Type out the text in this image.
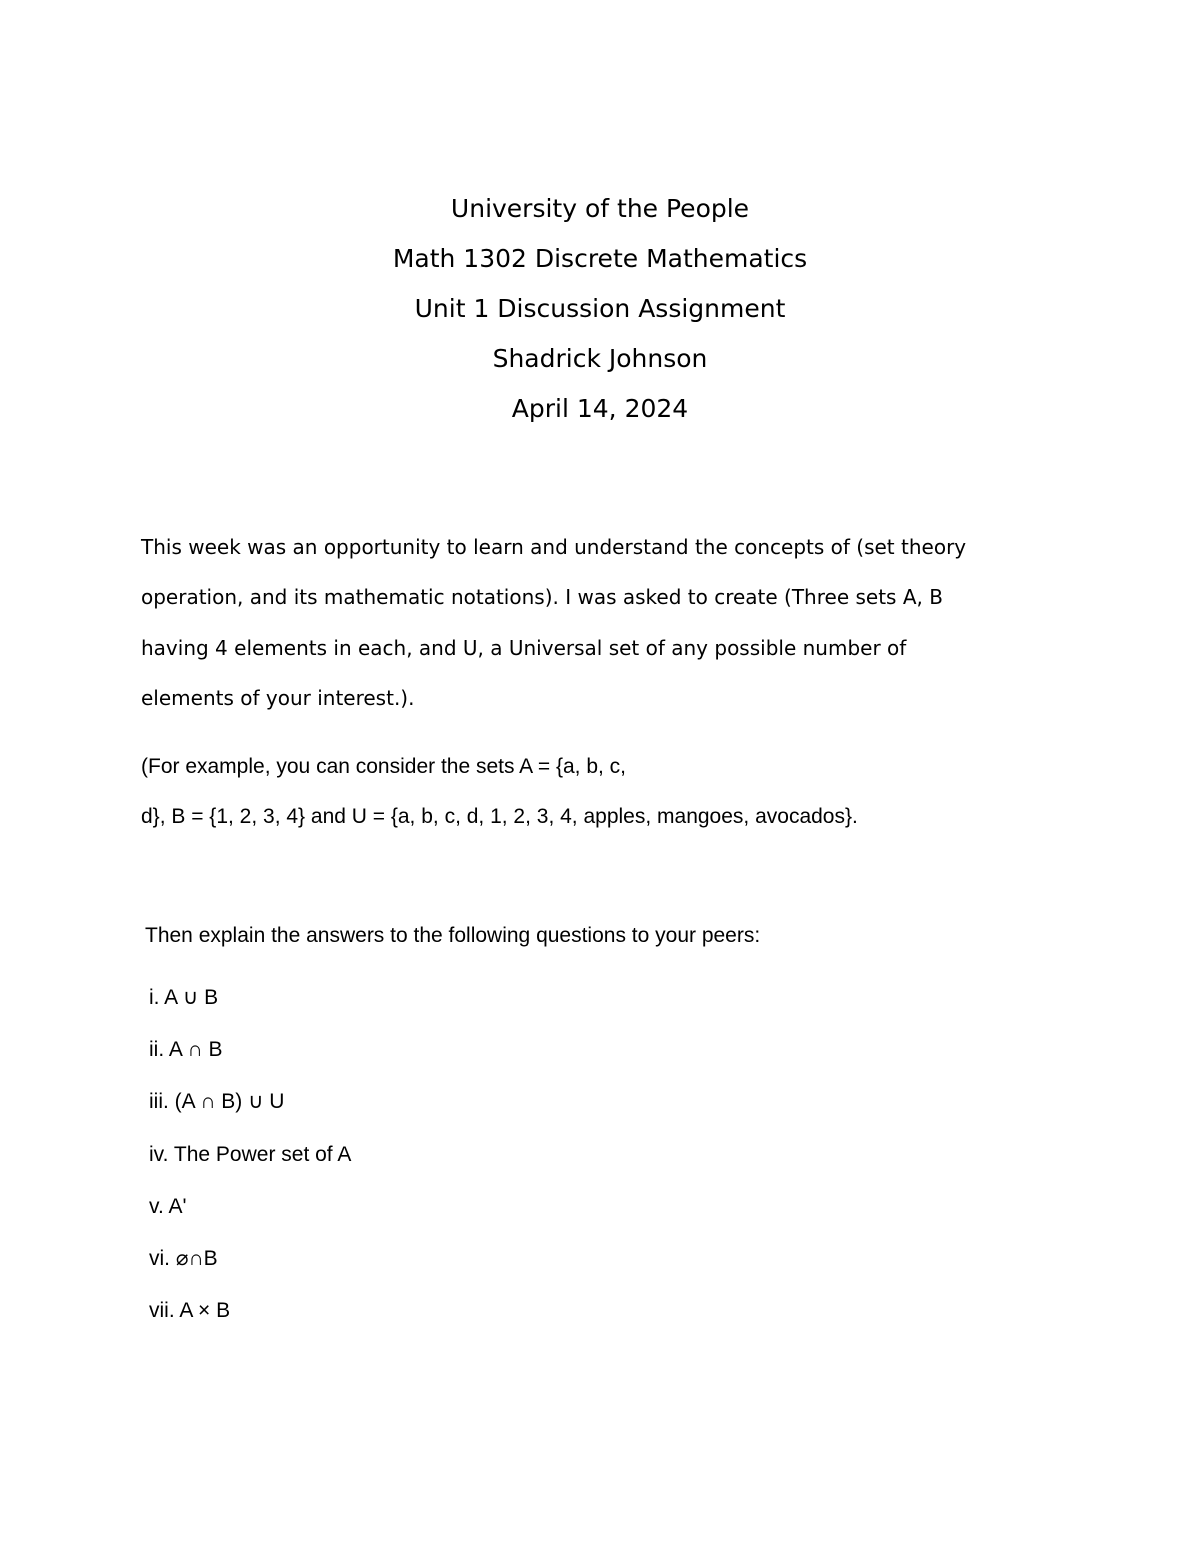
University of the People
Math 1302 Discrete Mathematics
Unit 1 Discussion Assignment
Shadrick Johnson
April 14, 2024
This week was an opportunity to learn and understand the concepts of (set theory
operation, and its mathematic notations). I was asked to create (Three sets A, B
having 4 elements in each, and U, a Universal set of any possible number of
elements of your interest.).
(For example, you can consider the sets A = {a, b, c,
d}, B = {1, 2, 3, 4} and U = {a, b, c, d, 1, 2, 3, 4, apples, mangoes, avocados}.
Then explain the answers to the following questions to your peers:
i. A ∪ B
ii. A ∩ B
iii. (A ∩ B) ∪ U
iv. The Power set of A
v. A'
vi. ⌀∩B
vii. A × B
